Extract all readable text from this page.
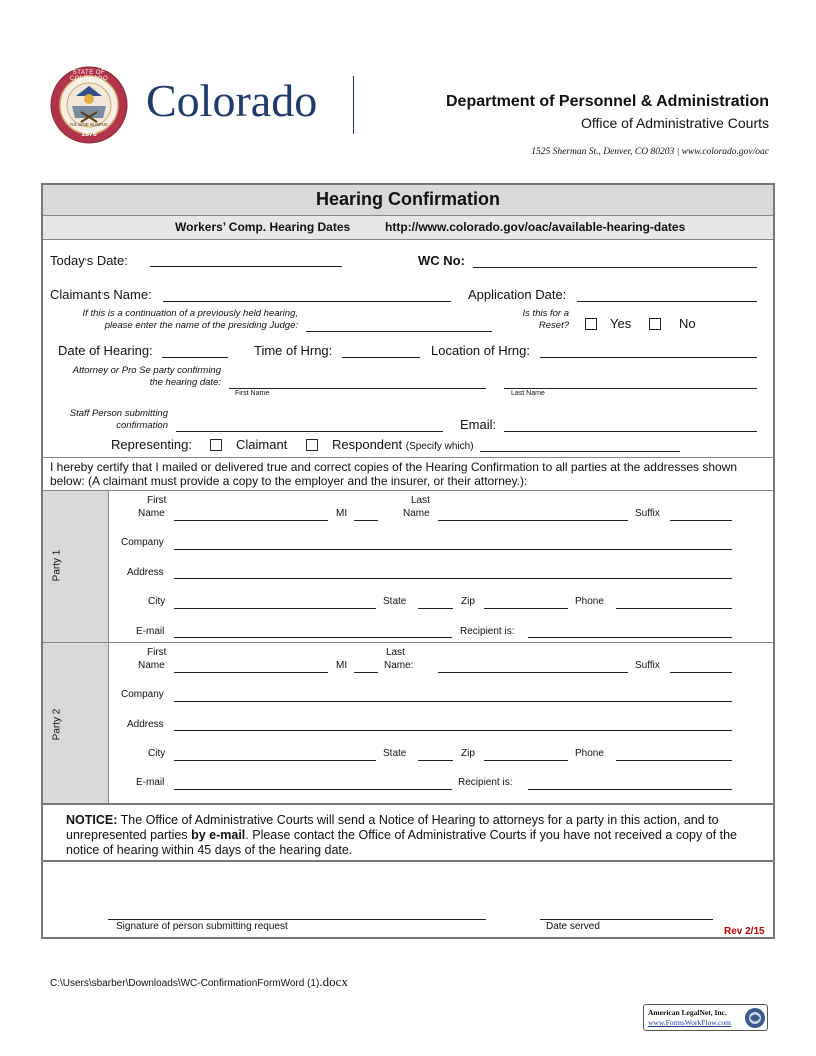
STATE OF COLORADO
NIL SINE NUMINE
1876
Colorado	Department of Personnel & Administration
Office of Administrative Courts
1525 Sherman St., Denver, CO 80203 | www.colorado.gov/oac
Hearing Confirmation
Workers’ Comp. Hearing Dates	http://www.colorado.gov/oac/available-hearing-dates
Today’s Date:	WC No:
Claimant’s Name:	Application Date:
If this is a continuation of a previously held hearing,
please enter the name of the presiding Judge:
Is this for a
Reset?	Yes	No
Date of Hearing:	Time of Hrng:	Location of Hrng:
Attorney or Pro Se party confirming
the hearing date:
First Name	Last Name
Staff Person submitting
confirmation	Email:
Representing:	Claimant	Respondent (Specify which)
I hereby certify that I mailed or delivered true and correct copies of the Hearing Confirmation to all parties at the addresses shown below: (A claimant must provide a copy to the employer and the insurer, or their attorney.):
Party 1
First
Name	MI
Last
Name	Suffix
Company
Address
City	State	Zip	Phone
E-mail	Recipient is:
Party 2
First
Name	MI
Last
Name:	Suffix
Company
Address
City	State	Zip	Phone
E-mail	Recipient is:
NOTICE: The Office of Administrative Courts will send a Notice of Hearing to attorneys for a party in this action, and to unrepresented parties by e-mail. Please contact the Office of Administrative Courts if you have not received a copy of the notice of hearing within 45 days of the hearing date.
Signature of person submitting request	Date served	Rev 2/15
C:\Users\sbarber\Downloads\WC-ConfirmationFormWord (1).docx
American LegalNet, Inc.
www.FormsWorkFlow.com
